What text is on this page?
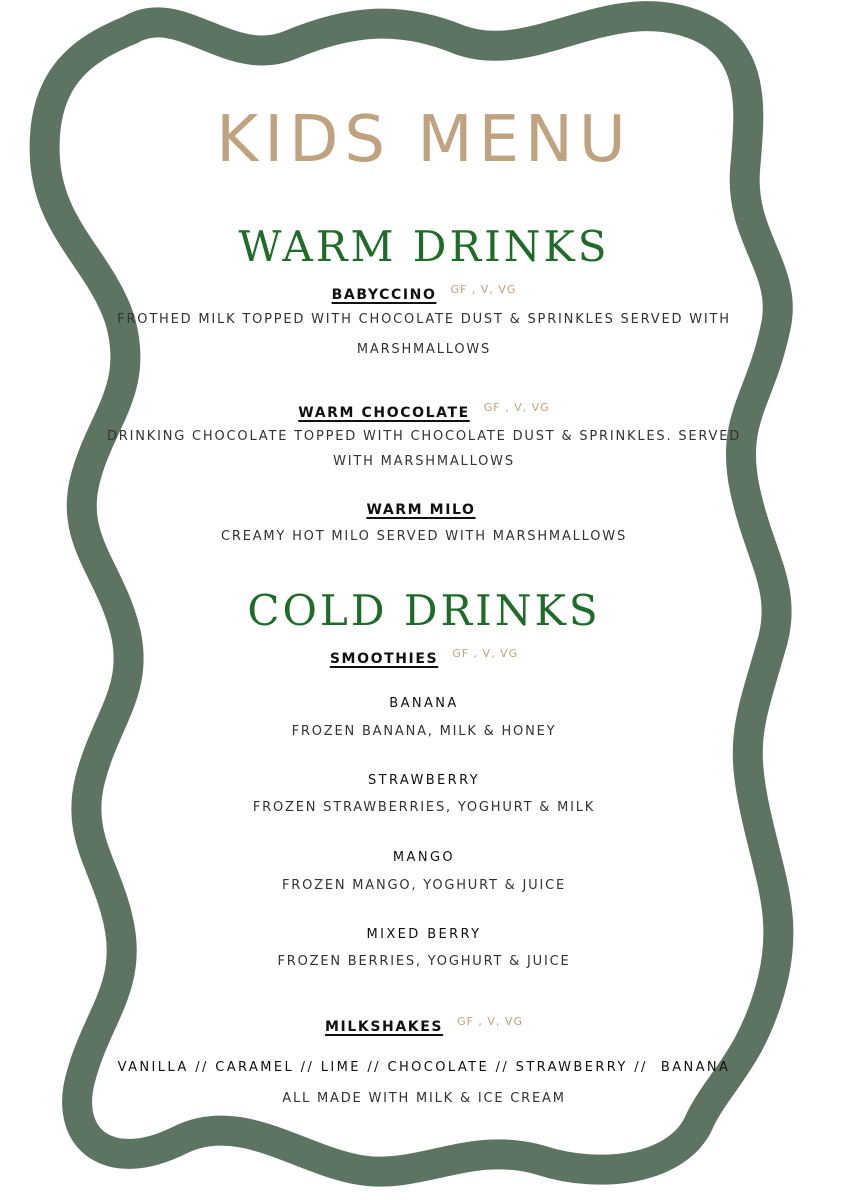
KIDS MENU
WARM DRINKS
BABYCCINO $^{GF , V, VG}$

FROTHED MILK TOPPED WITH CHOCOLATE DUST & SPRINKLES SERVED WITH

MARSHMALLOWS

WARM CHOCOLATE $^{GF , V, VG}$

DRINKING CHOCOLATE TOPPED WITH CHOCOLATE DUST & SPRINKLES. SERVED

WITH MARSHMALLOWS

WARM MILO

CREAMY HOT MILO SERVED WITH MARSHMALLOWS

COLD DRINKS
SMOOTHIES $^{GF , V, VG}$

BANANA

FROZEN BANANA, MILK & HONEY

STRAWBERRY

FROZEN STRAWBERRIES, YOGHURT & MILK

MANGO

FROZEN MANGO, YOGHURT & JUICE

MIXED BERRY

FROZEN BERRIES, YOGHURT & JUICE

MILKSHAKES $^{GF , V, VG}$

VANILLA // CARAMEL // LIME // CHOCOLATE // STRAWBERRY //  BANANA

ALL MADE WITH MILK & ICE CREAM
